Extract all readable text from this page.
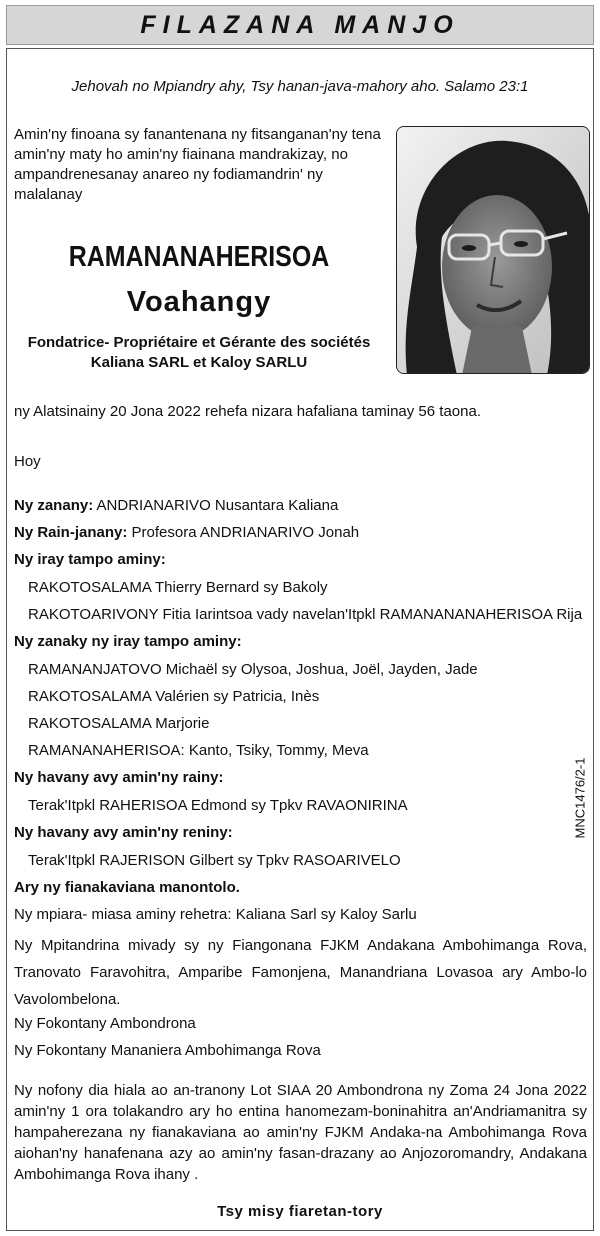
FILAZANA MANJO
Jehovah no Mpiandry ahy, Tsy hanan-java-mahory aho. Salamo 23:1
Amin'ny finoana sy fanantenana ny fitsanganan'ny tena amin'ny maty ho amin'ny fiainana mandrakizay, no ampandrenesanay anareo ny fodiamandrin' ny malalanay
RAMANANAHERISOA
Voahangy
Fondatrice- Propriétaire et Gérante des sociétés
Kaliana SARL et Kaloy SARLU
ny Alatsinainy 20 Jona 2022 rehefa nizara hafaliana taminay 56 taona.
Hoy
Ny zanany: ANDRIANARIVO Nusantara Kaliana
Ny Rain-janany: Profesora ANDRIANARIVO Jonah
Ny iray tampo aminy:
RAKOTOSALAMA Thierry Bernard sy Bakoly
RAKOTOARIVONY Fitia Iarintsoa vady navelan'Itpkl RAMANANANAHERISOA Rija
Ny zanaky ny iray tampo aminy:
RAMANANJATOVO Michaël sy Olysoa, Joshua, Joël, Jayden, Jade
RAKOTOSALAMA Valérien sy Patricia, Inès
RAKOTOSALAMA Marjorie
RAMANANAHERISOA: Kanto, Tsiky, Tommy, Meva
Ny havany avy amin'ny rainy:
Terak'Itpkl RAHERISOA Edmond sy Tpkv RAVAONIRINA
Ny havany avy amin'ny reniny:
Terak'Itpkl RAJERISON Gilbert sy Tpkv RASOARIVELO
Ary ny fianakaviana manontolo.
Ny mpiara- miasa aminy rehetra: Kaliana Sarl sy Kaloy Sarlu
Ny Mpitandrina mivady sy ny Fiangonana FJKM Andakana Ambohimanga Rova, Tranovato Faravohitra, Amparibe Famonjena, Manandriana Lovasoa ary Ambo-lo Vavolombelona.
Ny Fokontany Ambondrona
Ny Fokontany Mananiera Ambohimanga Rova
Ny nofony dia hiala ao an-tranony Lot SIAA 20 Ambondrona ny Zoma 24 Jona 2022 amin'ny 1 ora tolakandro ary ho entina hanomezam-boninahitra an'Andriamanitra sy hampaherezana ny fianakaviana ao amin'ny FJKM Andaka-na Ambohimanga Rova aiohan'ny hanafenana azy ao amin'ny fasan-drazany ao Anjozoromandry, Andakana Ambohimanga Rova ihany .
Tsy misy fiaretan-tory
MNC1476/2-1
